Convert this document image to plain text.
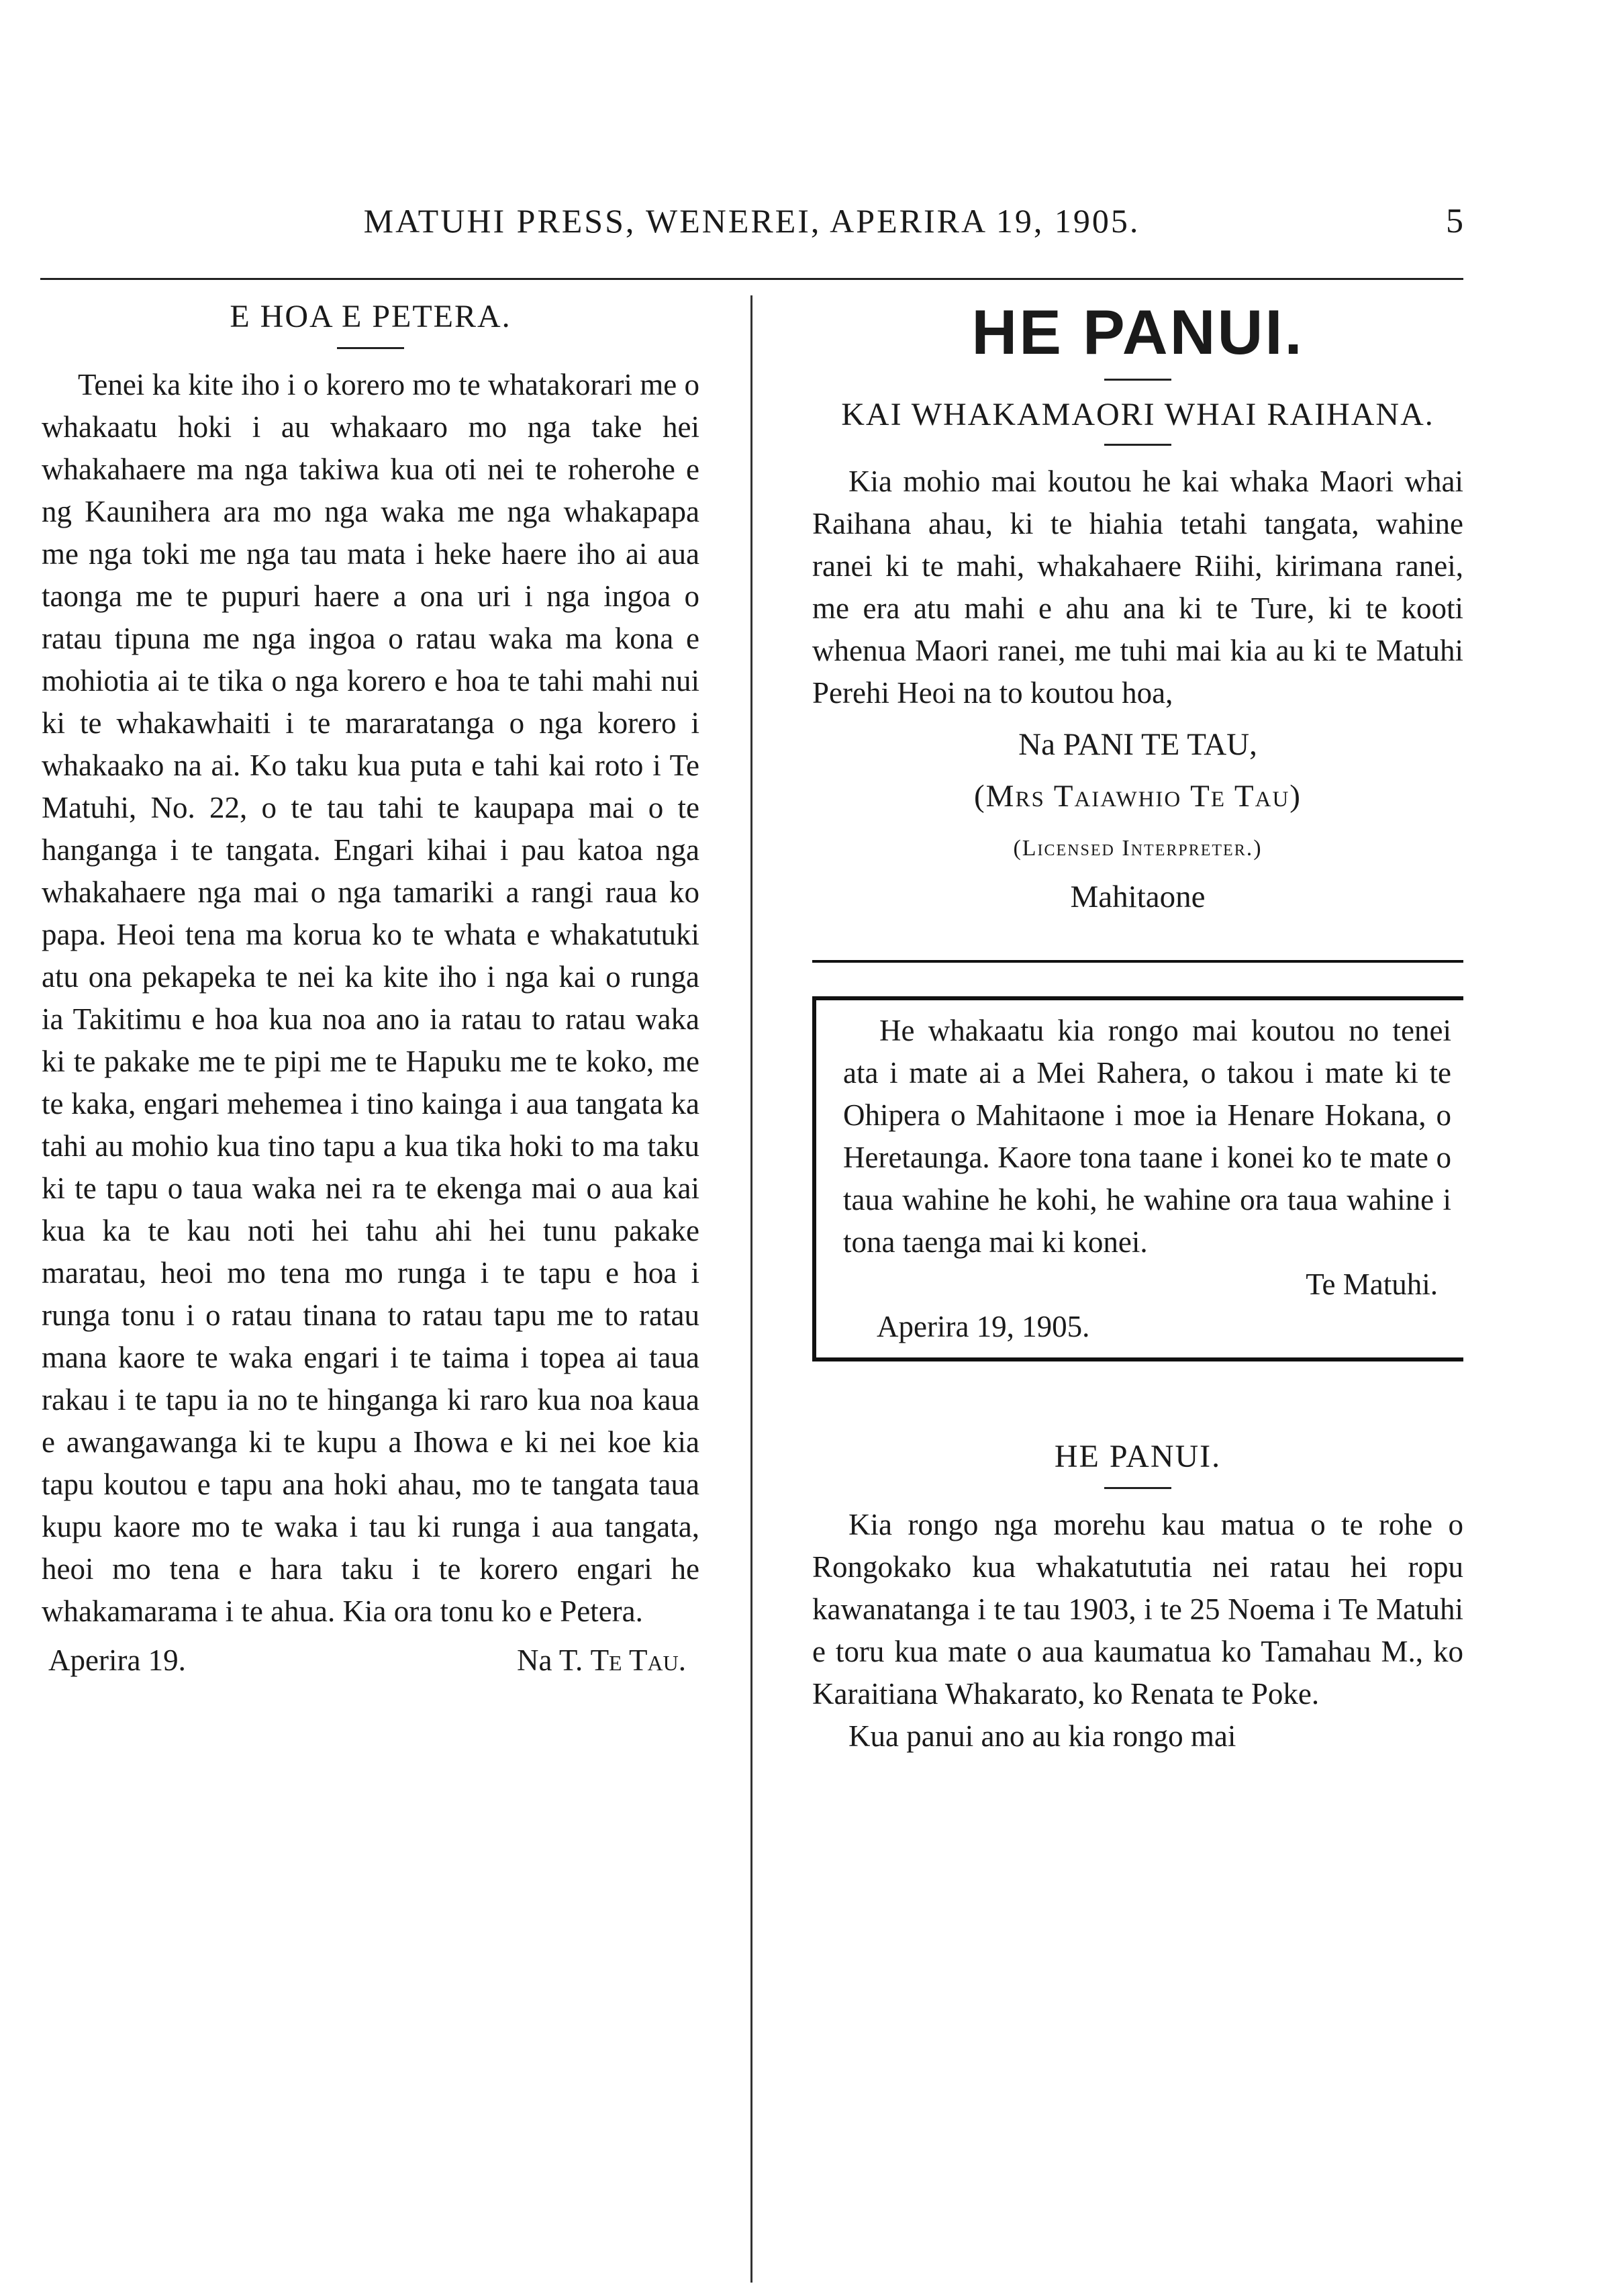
MATUHI PRESS, WENEREI, APERIRA 19, 1905.	5
E HOA E PETERA.

Tenei ka kite iho i o korero mo te whatakorari me o whakaatu hoki i au whakaaro mo nga take hei whakahaere ma nga takiwa kua oti nei te roherohe e ng Kaunihera ara mo nga waka me nga whakapapa me nga toki me nga tau mata i heke haere iho ai aua taonga me te pupuri haere a ona uri i nga ingoa o ratau tipuna me nga ingoa o ratau waka ma kona e mohiotia ai te tika o nga korero e hoa te tahi mahi nui ki te whakawhaiti i te mararatanga o nga korero i whakaako na ai. Ko taku kua puta e tahi kai roto i Te Matuhi, No. 22, o te tau tahi te kaupapa mai o te hanganga i te tangata. Engari kihai i pau katoa nga whakahaere nga mai o nga tamariki a rangi raua ko papa. Heoi tena ma korua ko te whata e whakatutuki atu ona pekapeka te nei ka kite iho i nga kai o runga ia Takitimu e hoa kua noa ano ia ratau to ratau waka ki te pakake me te pipi me te Hapuku me te koko, me te kaka, engari mehemea i tino kainga i aua tangata ka tahi au mohio kua tino tapu a kua tika hoki to ma taku ki te tapu o taua waka nei ra te ekenga mai o aua kai kua ka te kau noti hei tahu ahi hei tunu pakake maratau, heoi mo tena mo runga i te tapu e hoa i runga tonu i o ratau tinana to ratau tapu me to ratau mana kaore te waka engari i te taima i topea ai taua rakau i te tapu ia no te hinganga ki raro kua noa kaua e awangawanga ki te kupu a Ihowa e ki nei koe kia tapu koutou e tapu ana hoki ahau, mo te tangata taua kupu kaore mo te waka i tau ki runga i aua tangata, heoi mo tena e hara taku i te korero engari he whakamarama i te ahua. Kia ora tonu ko e Petera.

Aperira 19.	Na T. Te Tau.
HE PANUI.
KAI WHAKAMAORI WHAI RAIHANA.

Kia mohio mai koutou he kai whaka Maori whai Raihana ahau, ki te hiahia tetahi tangata, wahine ranei ki te mahi, whakahaere Riihi, kirimana ranei, me era atu mahi e ahu ana ki te Ture, ki te kooti whenua Maori ranei, me tuhi mai kia au ki te Matuhi Perehi Heoi na to koutou hoa,

Na PANI TE TAU,
(Mrs Taiawhio Te Tau)
(Licensed Interpreter.)
Mahitaone

He whakaatu kia rongo mai koutou no tenei ata i mate ai a Mei Rahera, o takou i mate ki te Ohipera o Mahitaone i moe ia Henare Hokana, o Heretaunga. Kaore tona taane i konei ko te mate o taua wahine he kohi, he wahine ora taua wahine i tona taenga mai ki konei.

Te Matuhi.
Aperira 19, 1905.
HE PANUI.

Kia rongo nga morehu kau matua o te rohe o Rongokako kua whakatututia nei ratau hei ropu kawanatanga i te tau 1903, i te 25 Noema i Te Matuhi e toru kua mate o aua kaumatua ko Tamahau M., ko Karaitiana Whakarato, ko Renata te Poke.

Kua panui ano au kia rongo mai
